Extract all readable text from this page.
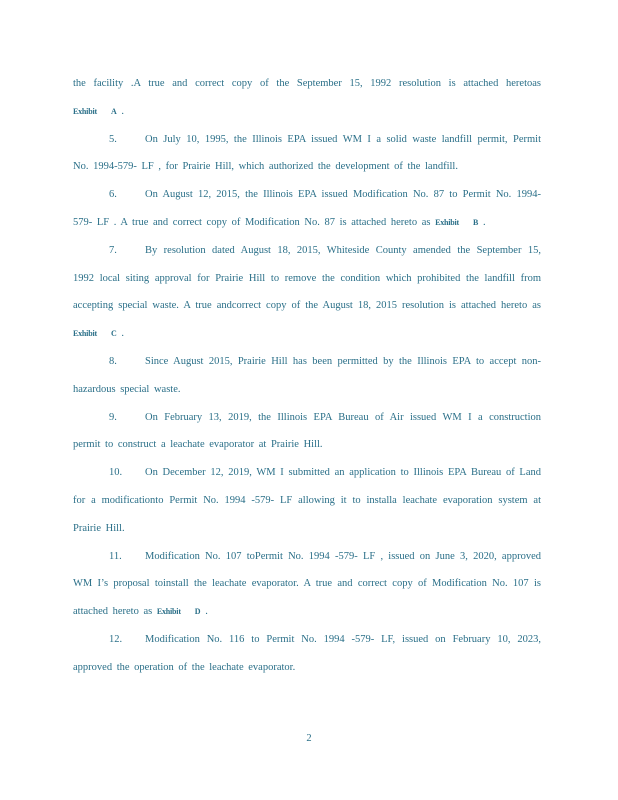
the facility .A true and correct copy of the September 15, 1992 resolution is attached heretoas Exhibit A .

5.	On July 10, 1995, the Illinois EPA issued WM I a solid waste landfill permit, Permit No. 1994-579- LF , for Prairie Hill, which authorized the development of the landfill.

6.	On August 12, 2015, the Illinois EPA issued Modification No. 87 to Permit No. 1994-579- LF . A true and correct copy of Modification No. 87 is attached hereto as Exhibit B .

7.	By resolution dated August 18, 2015, Whiteside County amended the September 15, 1992 local siting approval for Prairie Hill to remove the condition which prohibited the landfill from accepting special waste. A true andcorrect copy of the August 18, 2015 resolution is attached hereto as Exhibit C .

8.	Since August 2015, Prairie Hill has been permitted by the Illinois EPA to accept non- hazardous special waste.

9.	On February 13, 2019, the Illinois EPA Bureau of Air issued WM I a construction permit to construct a leachate evaporator at Prairie Hill.

10. On December 12, 2019, WM I submitted an application to Illinois EPA Bureau of Land for a modificationto Permit No. 1994 -579- LF allowing it to installa leachate evaporation system at Prairie Hill.

11. Modification No. 107 toPermit No. 1994 -579- LF , issued on June 3, 2020, approved WM I’s proposal toinstall the leachate evaporator. A true and correct copy of Modification No. 107 is attached hereto as Exhibit D .

12. Modification No. 116 to Permit No. 1994 -579- LF, issued on February 10, 2023, approved the operation of the leachate evaporator.

2
